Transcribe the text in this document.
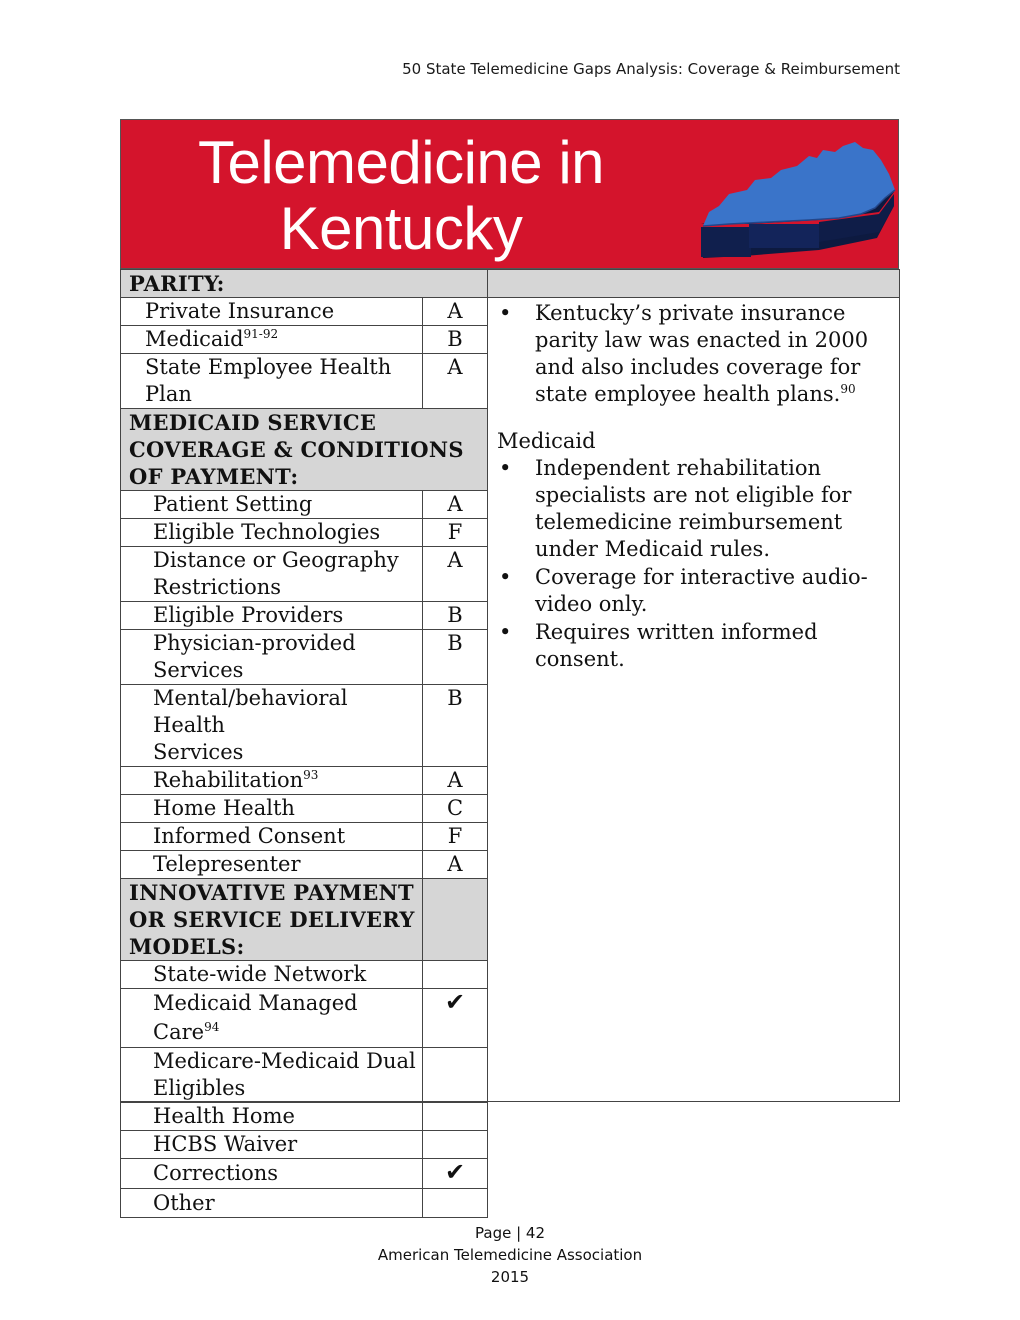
50 State Telemedicine Gaps Analysis: Coverage & Reimbursement
Telemedicine in
Kentucky
PARITY:	
Private Insurance	A
Medicaid$^{91-92}$	B
State Employee Health Plan	A

MEDICAID SERVICE
COVERAGE & CONDITIONS
OF PAYMENT:	

Patient Setting	A
Eligible Technologies	F

Distance or Geography
Restrictions	A
Eligible Providers	B
Physician-provided Services	B

Mental/behavioral Health
Services	B
Rehabilitation$^{93}$	A
Home Health	C
Informed Consent	F
Telepresenter	A

INNOVATIVE PAYMENT
OR SERVICE DELIVERY
MODELS:	

State-wide Network	
Medicaid Managed Care$^{94}$	✔

Medicare-Medicaid Dual
Eligibles	

Health Home	
HCBS Waiver	
Corrections	✔
Other	
• Kentucky’s private insurance parity law was enacted in 2000 and also includes coverage for state employee health plans.$^{90}$
Medicaid
• Independent rehabilitation specialists are not eligible for telemedicine reimbursement under Medicaid rules.
• Coverage for interactive audio-video only.
• Requires written informed consent.
Page | 42
American Telemedicine Association
2015
